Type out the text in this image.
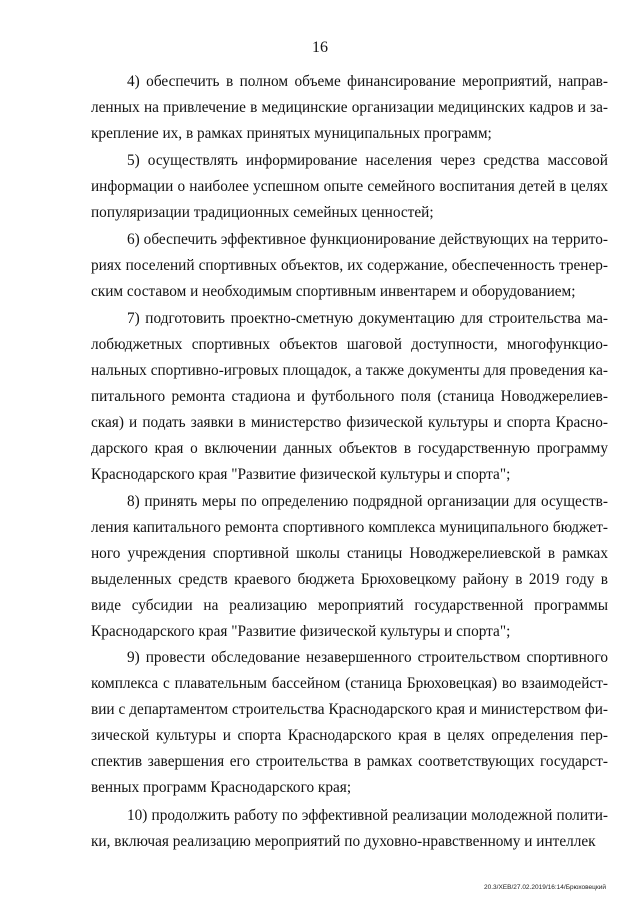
16

4) обеспечить в полном объеме финансирование мероприятий, направленных на привлечение в медицинские организации медицинских кадров и закрепление их, в рамках принятых муниципальных программ;

5) осуществлять информирование населения через средства массовой информации о наиболее успешном опыте семейного воспитания детей в целях популяризации традиционных семейных ценностей;

6) обеспечить эффективное функционирование действующих на территориях поселений спортивных объектов, их содержание, обеспеченность тренерским составом и необходимым спортивным инвентарем и оборудованием;

7) подготовить проектно-сметную документацию для строительства малобюджетных спортивных объектов шаговой доступности, многофункциональных спортивно-игровых площадок, а также документы для проведения капитального ремонта стадиона и футбольного поля (станица Новоджерелиевская) и подать заявки в министерство физической культуры и спорта Краснодарского края о включении данных объектов в государственную программу Краснодарского края "Развитие физической культуры и спорта";

8) принять меры по определению подрядной организации для осуществления капитального ремонта спортивного комплекса муниципального бюджетного учреждения спортивной школы станицы Новоджерелиевской в рамках выделенных средств краевого бюджета Брюховецкому району в 2019 году в виде субсидии на реализацию мероприятий государственной программы Краснодарского края "Развитие физической культуры и спорта";

9) провести обследование незавершенного строительством спортивного комплекса с плавательным бассейном (станица Брюховецкая) во взаимодействии с департаментом строительства Краснодарского края и министерством физической культуры и спорта Краснодарского края в целях определения перспектив завершения его строительства в рамках соответствующих государственных программ Краснодарского края;

10) продолжить работу по эффективной реализации молодежной политики, включая реализацию мероприятий по духовно-нравственному и интеллек

20.3/ХЕВ/27.02.2019/16:14/Брюховецкий
